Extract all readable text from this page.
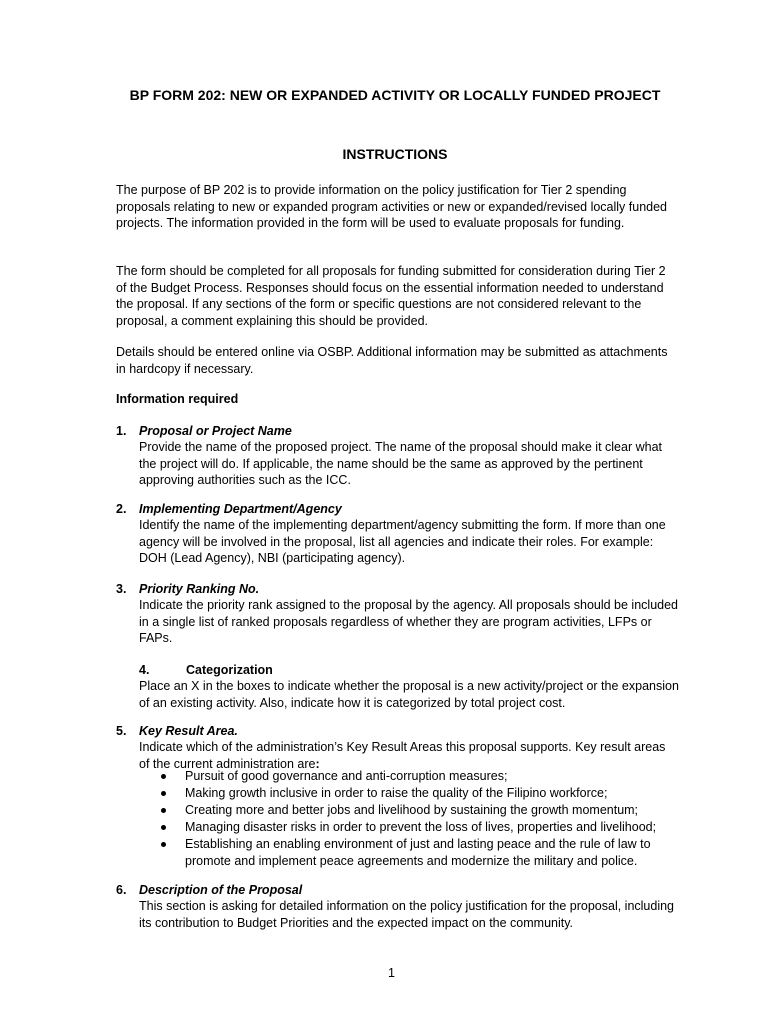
BP FORM 202: NEW OR EXPANDED ACTIVITY OR LOCALLY FUNDED PROJECT
INSTRUCTIONS
The purpose of BP 202 is to provide information on the policy justification for Tier 2 spending proposals relating to new or expanded program activities or new or expanded/revised locally funded projects. The information provided in the form will be used to evaluate proposals for funding.
The form should be completed for all proposals for funding submitted for consideration during Tier 2 of the Budget Process. Responses should focus on the essential information needed to understand the proposal. If any sections of the form or specific questions are not considered relevant to the proposal, a comment explaining this should be provided.
Details should be entered online via OSBP. Additional information may be submitted as attachments in hardcopy if necessary.
Information required
1. Proposal or Project Name
Provide the name of the proposed project. The name of the proposal should make it clear what the project will do. If applicable, the name should be the same as approved by the pertinent approving authorities such as the ICC.
2. Implementing Department/Agency
Identify the name of the implementing department/agency submitting the form. If more than one agency will be involved in the proposal, list all agencies and indicate their roles. For example: DOH (Lead Agency), NBI (participating agency).
3. Priority Ranking No.
Indicate the priority rank assigned to the proposal by the agency. All proposals should be included in a single list of ranked proposals regardless of whether they are program activities, LFPs or FAPs.
4.	Categorization
Place an X in the boxes to indicate whether the proposal is a new activity/project or the expansion of an existing activity. Also, indicate how it is categorized by total project cost.
5. Key Result Area.
Indicate which of the administration’s Key Result Areas this proposal supports. Key result areas of the current administration are:
Pursuit of good governance and anti-corruption measures;
Making growth inclusive in order to raise the quality of the Filipino workforce;
Creating more and better jobs and livelihood by sustaining the growth momentum;
Managing disaster risks in order to prevent the loss of lives, properties and livelihood;
Establishing an enabling environment of just and lasting peace and the rule of law to promote and implement peace agreements and modernize the military and police.
6. Description of the Proposal
This section is asking for detailed information on the policy justification for the proposal, including its contribution to Budget Priorities and the expected impact on the community.
1
